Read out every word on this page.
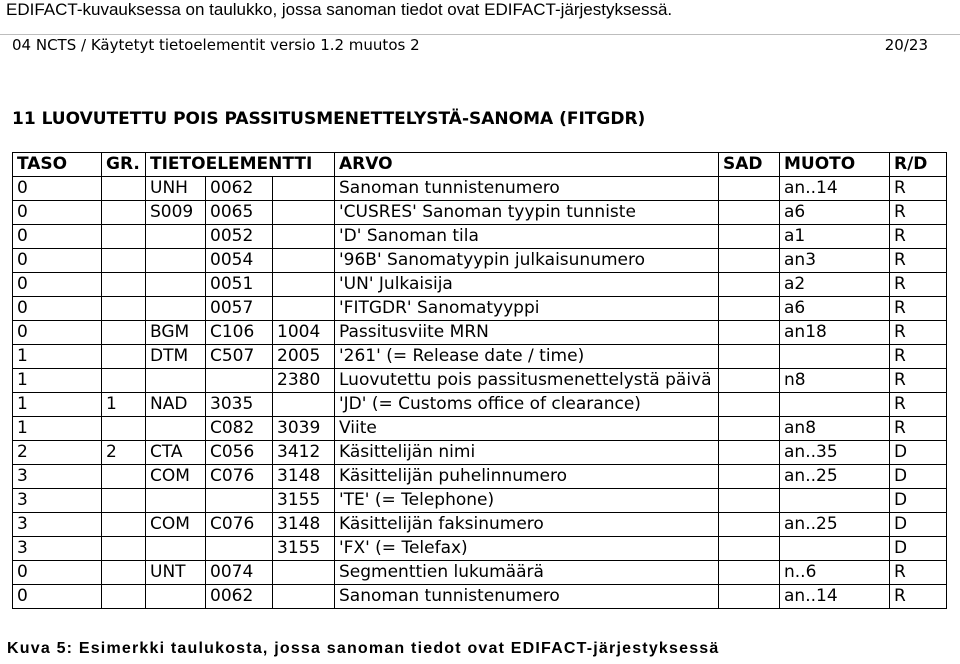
EDIFACT-kuvauksessa on taulukko, jossa sanoman tiedot ovat EDIFACT-järjestyksessä.
04 NCTS / Käytetyt tietoelementit versio 1.2 muutos 2	20/23
11 LUOVUTETTU POIS PASSITUSMENETTELYSTÄ-SANOMA (FITGDR)
TASO	GR.	TIETOELEMENTTI			ARVO	SAD	MUOTO	R/D
0		UNH	0062		Sanoman tunnistenumero		an..14	R
0		S009	0065		'CUSRES' Sanoman tyypin tunniste		a6	R
0			0052		'D' Sanoman tila		a1	R
0			0054		'96B' Sanomatyypin julkaisunumero		an3	R
0			0051		'UN' Julkaisija		a2	R
0			0057		'FITGDR' Sanomatyyppi		a6	R
0		BGM	C106	1004	Passitusviite MRN		an18	R
1		DTM	C507	2005	'261' (= Release date / time)			R
1				2380	Luovutettu pois passitusmenettelystä päivä		n8	R
1	1	NAD	3035		'JD' (= Customs office of clearance)			R
1			C082	3039	Viite		an8	R
2	2	CTA	C056	3412	Käsittelijän nimi		an..35	D
3		COM	C076	3148	Käsittelijän puhelinnumero		an..25	D
3				3155	'TE' (= Telephone)			D
3		COM	C076	3148	Käsittelijän faksinumero		an..25	D
3				3155	'FX' (= Telefax)			D
0		UNT	0074		Segmenttien lukumäärä		n..6	R
0			0062		Sanoman tunnistenumero		an..14	R
Kuva 5: Esimerkki taulukosta, jossa sanoman tiedot ovat EDIFACT-järjestyksessä
